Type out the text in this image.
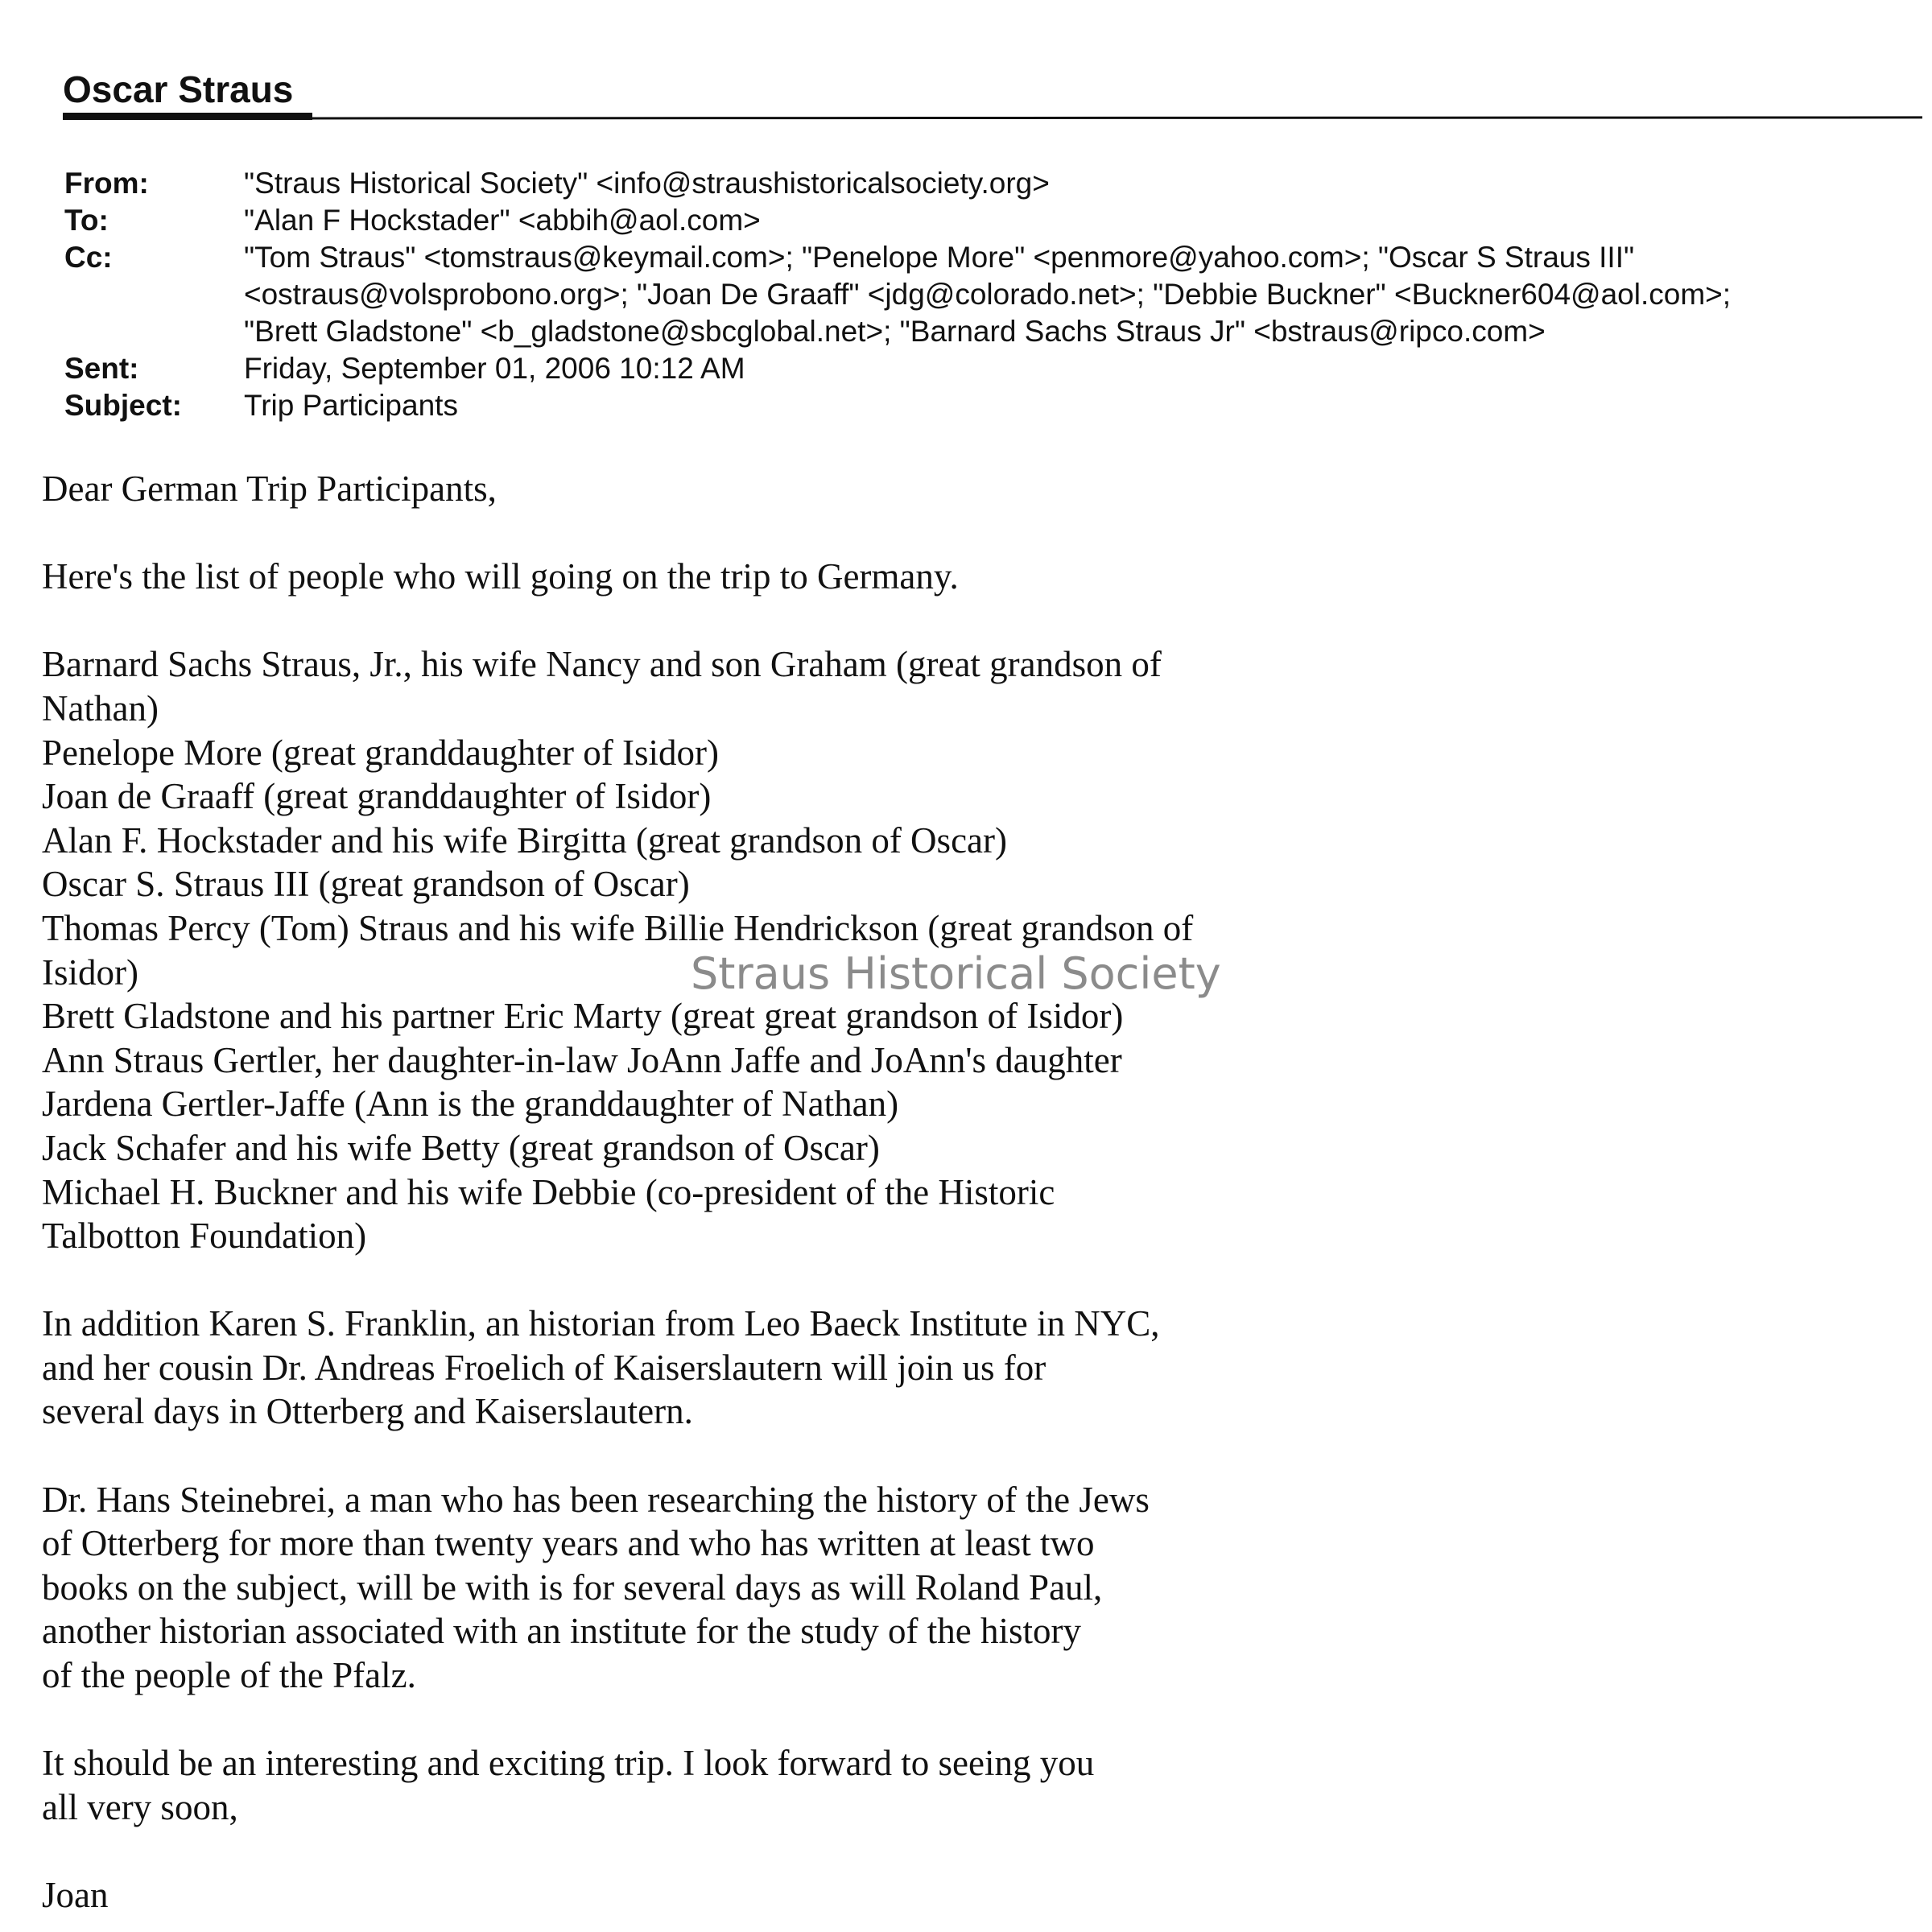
Oscar Straus
From:	"Straus Historical Society" <info@straushistoricalsociety.org>
To:	"Alan F Hockstader" <abbih@aol.com>
Cc:	"Tom Straus" <tomstraus@keymail.com>; "Penelope More" <penmore@yahoo.com>; "Oscar S Straus III"
<ostraus@volsprobono.org>; "Joan De Graaff" <jdg@colorado.net>; "Debbie Buckner" <Buckner604@aol.com>;
"Brett Gladstone" <b_gladstone@sbcglobal.net>; "Barnard Sachs Straus Jr" <bstraus@ripco.com>
Sent:	Friday, September 01, 2006 10:12 AM
Subject:	Trip Participants
Dear German Trip Participants,
Here's the list of people who will going on the trip to Germany.
Barnard Sachs Straus, Jr., his wife Nancy and son Graham (great grandson of
Nathan)
Penelope More (great granddaughter of Isidor)
Joan de Graaff (great granddaughter of Isidor)
Alan F. Hockstader and his wife Birgitta (great grandson of Oscar)
Oscar S. Straus III (great grandson of Oscar)
Thomas Percy (Tom) Straus and his wife Billie Hendrickson (great grandson of
Isidor)
Brett Gladstone and his partner Eric Marty (great great grandson of Isidor)
Ann Straus Gertler, her daughter-in-law JoAnn Jaffe and JoAnn's daughter
Jardena Gertler-Jaffe (Ann is the granddaughter of Nathan)
Jack Schafer and his wife Betty (great grandson of Oscar)
Michael H. Buckner and his wife Debbie (co-president of the Historic
Talbotton Foundation)
In addition Karen S. Franklin, an historian from Leo Baeck Institute in NYC,
and her cousin Dr. Andreas Froelich of Kaiserslautern will join us for
several days in Otterberg and Kaiserslautern.
Dr. Hans Steinebrei, a man who has been researching the history of the Jews
of Otterberg for more than twenty years and who has written at least two
books on the subject, will be with is for several days as will Roland Paul,
another historian associated with an institute for the study of the history
of the people of the Pfalz.
It should be an interesting and exciting trip. I look forward to seeing you
all very soon,
Joan
Straus Historical Society
